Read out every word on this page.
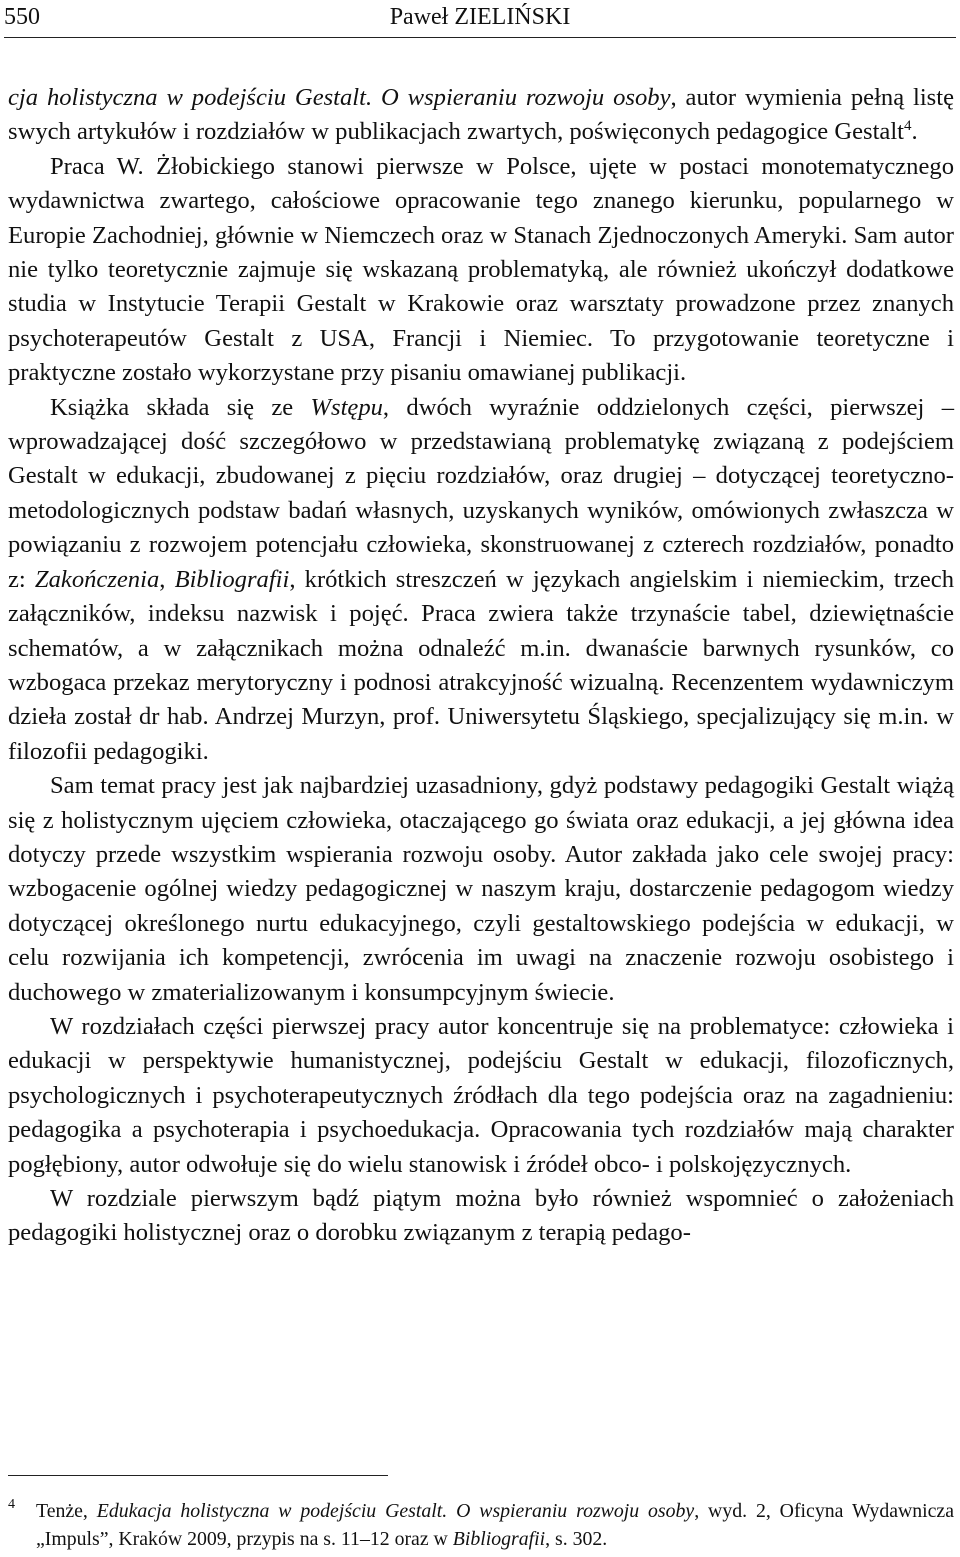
550	Paweł ZIELIŃSKI

cja holistyczna w podejściu Gestalt. O wspieraniu rozwoju osoby, autor wymienia pełną listę swych artykułów i rozdziałów w publikacjach zwartych, poświęconych pedagogice Gestalt$^4$.

Praca W. Żłobickiego stanowi pierwsze w Polsce, ujęte w postaci monotematycznego wydawnictwa zwartego, całościowe opracowanie tego znanego kierunku, popularnego w Europie Zachodniej, głównie w Niemczech oraz w Stanach Zjednoczonych Ameryki. Sam autor nie tylko teoretycznie zajmuje się wskazaną problematyką, ale również ukończył dodatkowe studia w Instytucie Terapii Gestalt w Krakowie oraz warsztaty prowadzone przez znanych psychoterapeutów Gestalt z USA, Francji i Niemiec. To przygotowanie teoretyczne i praktyczne zostało wykorzystane przy pisaniu omawianej publikacji.

Książka składa się ze Wstępu, dwóch wyraźnie oddzielonych części, pierwszej – wprowadzającej dość szczegółowo w przedstawianą problematykę związaną z podejściem Gestalt w edukacji, zbudowanej z pięciu rozdziałów, oraz drugiej – dotyczącej teoretyczno-metodologicznych podstaw badań własnych, uzyskanych wyników, omówionych zwłaszcza w powiązaniu z rozwojem potencjału człowieka, skonstruowanej z czterech rozdziałów, ponadto z: Zakończenia, Bibliografii, krótkich streszczeń w językach angielskim i niemieckim, trzech załączników, indeksu nazwisk i pojęć. Praca zwiera także trzynaście tabel, dziewiętnaście schematów, a w załącznikach można odnaleźć m.in. dwanaście barwnych rysunków, co wzbogaca przekaz merytoryczny i podnosi atrakcyjność wizualną. Recenzentem wydawniczym dzieła został dr hab. Andrzej Murzyn, prof. Uniwersytetu Śląskiego, specjalizujący się m.in. w filozofii pedagogiki.

Sam temat pracy jest jak najbardziej uzasadniony, gdyż podstawy pedagogiki Gestalt wiążą się z holistycznym ujęciem człowieka, otaczającego go świata oraz edukacji, a jej główna idea dotyczy przede wszystkim wspierania rozwoju osoby. Autor zakłada jako cele swojej pracy: wzbogacenie ogólnej wiedzy pedagogicznej w naszym kraju, dostarczenie pedagogom wiedzy dotyczącej określonego nurtu edukacyjnego, czyli gestaltowskiego podejścia w edukacji, w celu rozwijania ich kompetencji, zwrócenia im uwagi na znaczenie rozwoju osobistego i duchowego w zmaterializowanym i konsumpcyjnym świecie.

W rozdziałach części pierwszej pracy autor koncentruje się na problematyce: człowieka i edukacji w perspektywie humanistycznej, podejściu Gestalt w edukacji, filozoficznych, psychologicznych i psychoterapeutycznych źródłach dla tego podejścia oraz na zagadnieniu: pedagogika a psychoterapia i psychoedukacja. Opracowania tych rozdziałów mają charakter pogłębiony, autor odwołuje się do wielu stanowisk i źródeł obco- i polskojęzycznych.

W rozdziale pierwszym bądź piątym można było również wspomnieć o założeniach pedagogiki holistycznej oraz o dorobku związanym z terapią pedago-

4 Tenże, Edukacja holistyczna w podejściu Gestalt. O wspieraniu rozwoju osoby, wyd. 2, Oficyna Wydawnicza „Impuls”, Kraków 2009, przypis na s. 11–12 oraz w Bibliografii, s. 302.
